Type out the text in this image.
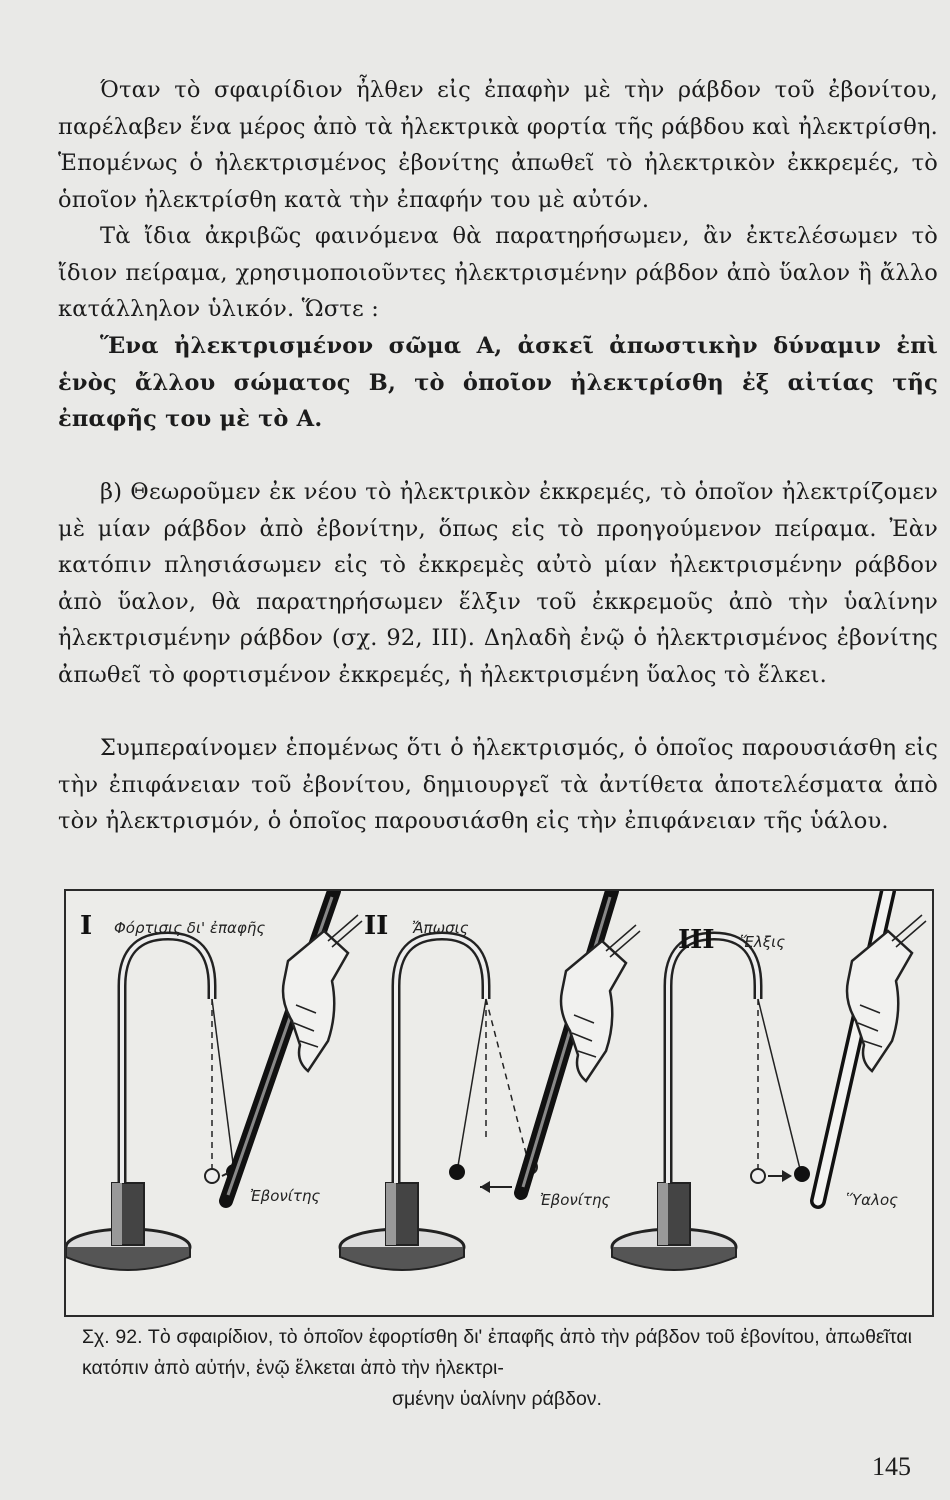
Όταν τὸ σφαιρίδιον ἦλθεν εἰς ἐπαφὴν μὲ τὴν ράβδον τοῦ ἐβονίτου, παρέλαβεν ἕνα μέρος ἀπὸ τὰ ἠλεκτρικὰ φορτία τῆς ράβδου καὶ ἠλεκτρίσθη. Ἑπομένως ὁ ἠλεκτρισμένος ἐβονίτης ἀπωθεῖ τὸ ἠλεκτρικὸν ἐκκρεμές, τὸ ὁποῖον ἠλεκτρίσθη κατὰ τὴν ἐπαφήν του μὲ αὐτόν.

Τὰ ἴδια ἀκριβῶς φαινόμενα θὰ παρατηρήσωμεν, ἂν ἐκτελέσωμεν τὸ ἴδιον πείραμα, χρησιμοποιοῦντες ἠλεκτρισμένην ράβδον ἀπὸ ὕαλον ἢ ἄλλο κατάλληλον ὑλικόν. Ὥστε :

Ἕνα ἠλεκτρισμένον σῶμα Α, ἀσκεῖ ἀπωστικὴν δύναμιν ἐπὶ ἑνὸς ἄλλου σώματος Β, τὸ ὁποῖον ἠλεκτρίσθη ἐξ αἰτίας τῆς ἐπαφῆς του μὲ τὸ Α.

β) Θεωροῦμεν ἐκ νέου τὸ ἠλεκτρικὸν ἐκκρεμές, τὸ ὁποῖον ἠλεκτρίζομεν μὲ μίαν ράβδον ἀπὸ ἐβονίτην, ὅπως εἰς τὸ προηγούμενον πείραμα. Ἐὰν κατόπιν πλησιάσωμεν εἰς τὸ ἐκκρεμὲς αὐτὸ μίαν ἠλεκτρισμένην ράβδον ἀπὸ ὕαλον, θὰ παρατηρήσωμεν ἕλξιν τοῦ ἐκκρεμοῦς ἀπὸ τὴν ὑαλίνην ἠλεκτρισμένην ράβδον (σχ. 92, III). Δηλαδὴ ἐνῷ ὁ ἠλεκτρισμένος ἐβονίτης ἀπωθεῖ τὸ φορτισμένον ἐκκρεμές, ἡ ἠλεκτρισμένη ὕαλος τὸ ἕλκει.

Συμπεραίνομεν ἑπομένως ὅτι ὁ ἠλεκτρισμός, ὁ ὁποῖος παρουσιάσθη εἰς τὴν ἐπιφάνειαν τοῦ ἐβονίτου, δημιουργεῖ τὰ ἀντίθετα ἀποτελέσματα ἀπὸ τὸν ἠλεκτρισμόν, ὁ ὁποῖος παρουσιάσθη εἰς τὴν ἐπιφάνειαν τῆς ὑάλου.

I Φόρτισις δι' ἐπαφῆς
Ἐβονίτης
II Ἄπωσις
Ἐβονίτης
III Ἕλξις
Ὕαλος

Σχ. 92. Τὸ σφαιρίδιον, τὸ ὁποῖον ἐφορτίσθη δι' ἐπαφῆς ἀπὸ τὴν ράβδον τοῦ ἐβονίτου, ἀπωθεῖται κατόπιν ἀπὸ αὐτήν, ἐνῷ ἕλκεται ἀπὸ τὴν ἠλεκτρι-

σμένην ὑαλίνην ράβδον.

145
